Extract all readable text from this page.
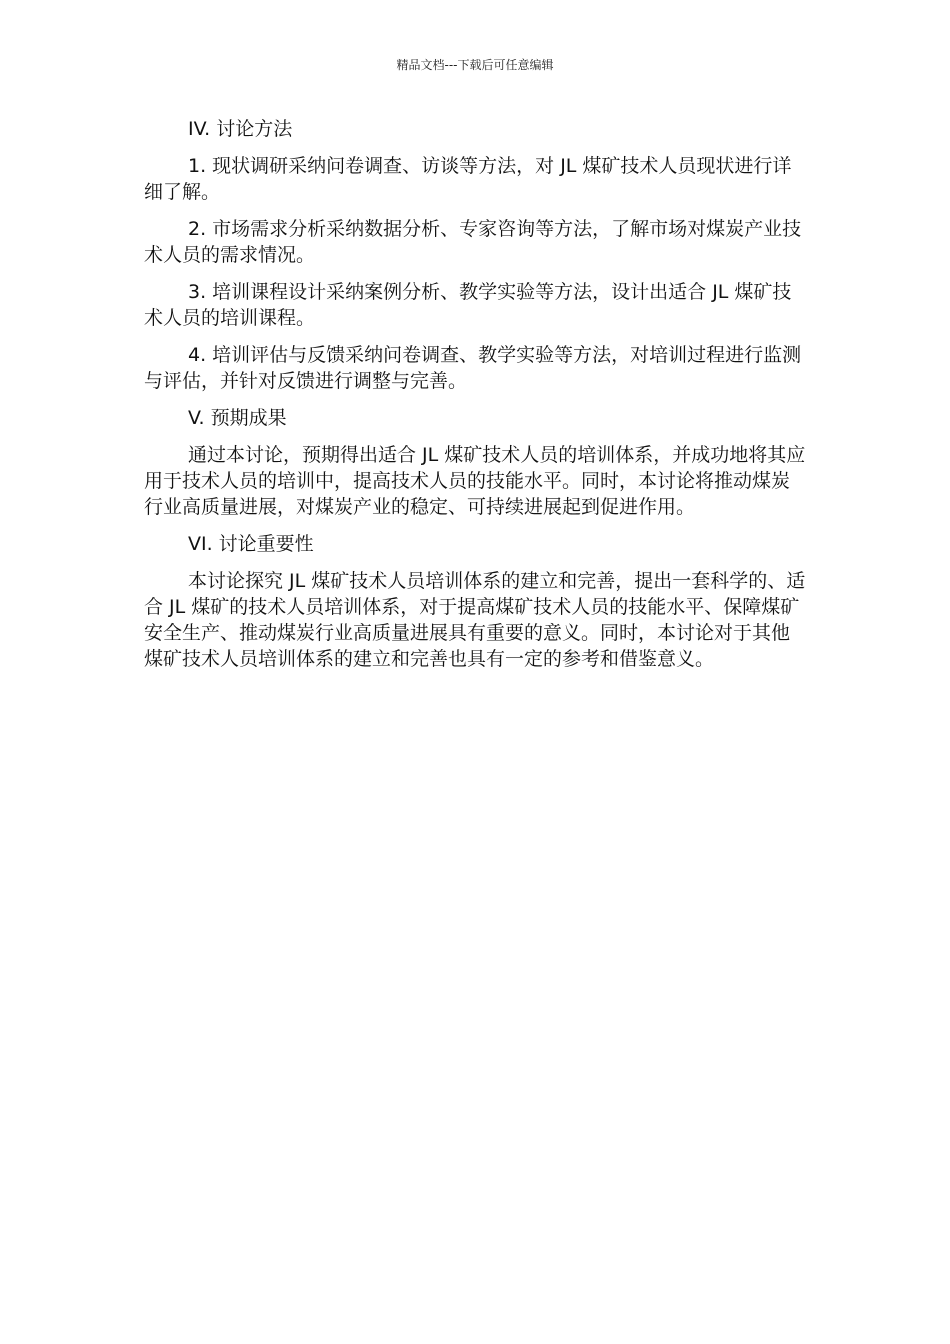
精品文档---下载后可任意编辑

IV. 讨论方法

1. 现状调研采纳问卷调查、访谈等方法，对 JL 煤矿技术人员现状进行详细了解。

2. 市场需求分析采纳数据分析、专家咨询等方法，了解市场对煤炭产业技术人员的需求情况。

3. 培训课程设计采纳案例分析、教学实验等方法，设计出适合 JL 煤矿技术人员的培训课程。

4. 培训评估与反馈采纳问卷调查、教学实验等方法，对培训过程进行监测与评估，并针对反馈进行调整与完善。

V. 预期成果

通过本讨论，预期得出适合 JL 煤矿技术人员的培训体系，并成功地将其应用于技术人员的培训中，提高技术人员的技能水平。同时，本讨论将推动煤炭行业高质量进展，对煤炭产业的稳定、可持续进展起到促进作用。

VI. 讨论重要性

本讨论探究 JL 煤矿技术人员培训体系的建立和完善，提出一套科学的、适合 JL 煤矿的技术人员培训体系，对于提高煤矿技术人员的技能水平、保障煤矿安全生产、推动煤炭行业高质量进展具有重要的意义。同时，本讨论对于其他煤矿技术人员培训体系的建立和完善也具有一定的参考和借鉴意义。
